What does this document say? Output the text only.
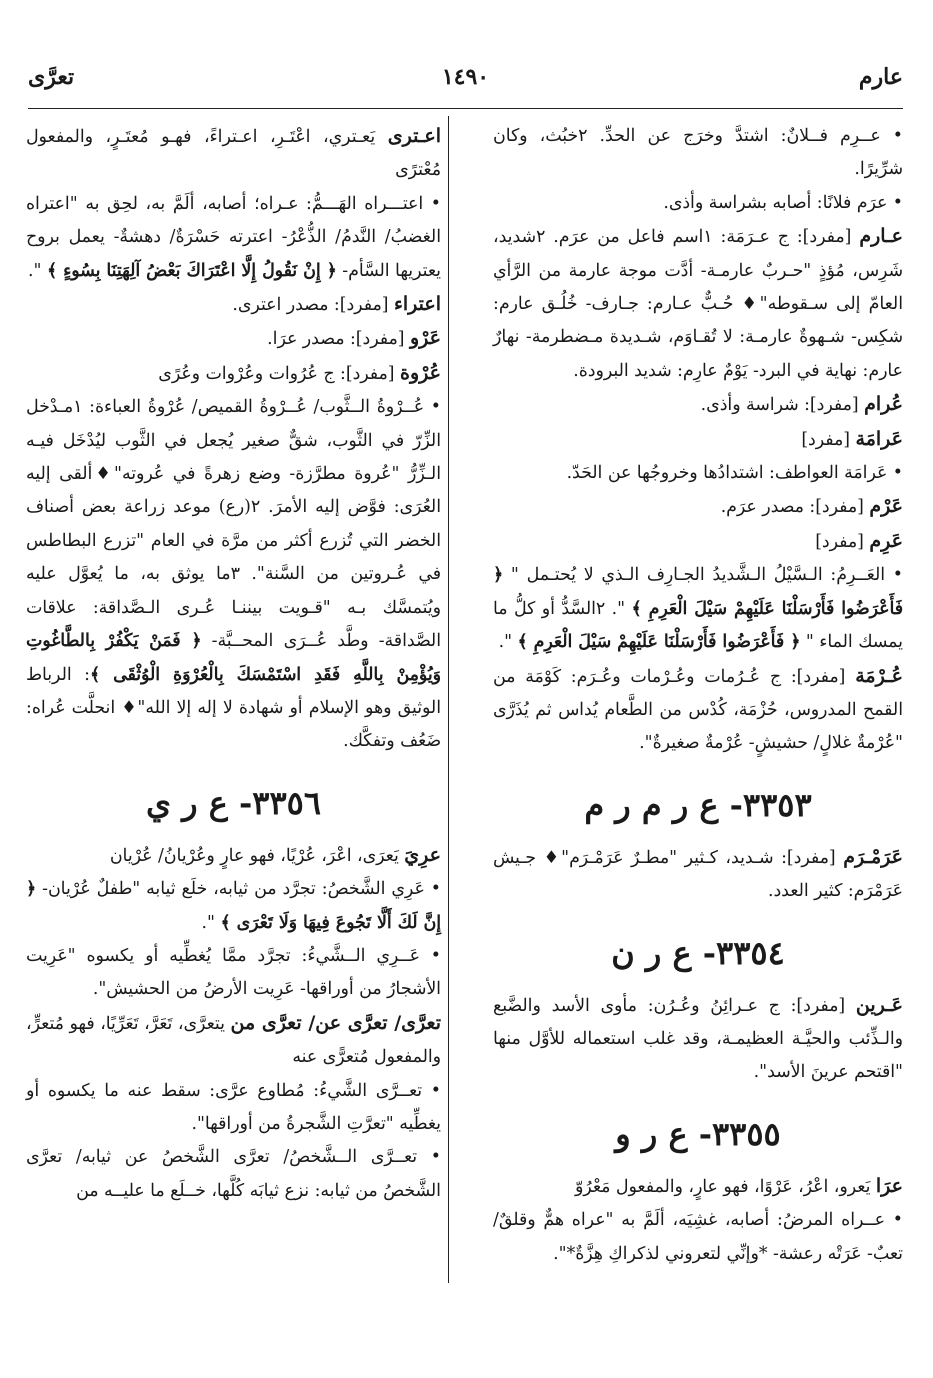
عارم
١٤٩٠
تعرَّى

• عــرِم فــلانٌ: اشتدَّ وخرَج عن الحدِّ. ٢خبُث، وكان شرِّيرًا.

• عرَم فلانًا: أصابه بشراسة وأذى.

عـارم [مفرد]: ج عـرَمَة: ١اسم فاعل من عرَم. ٢شديد، شَرِس، مُؤذٍ "حـربٌ عارمـة- أدَّت موجة عارمة من الرَّأي العامّ إلى سـقوطه"♦ حُـبٌّ عـارم: جـارف- خُلُـق عارم: شكِس- شـهوةٌ عارمـة: لا تُقـاوَم، شـديدة مـضطرمة- نهارٌ عارم: نهاية في البرد- يَوْمٌ عارِم: شديد البرودة.

عُرام [مفرد]: شراسة وأذى.

عَرامَة [مفرد]

• عَرامَة العواطف: اشتدادُها وخروجُها عن الحَدّ.

عَرْم [مفرد]: مصدر عرَم.

عَرِم [مفرد]

• العَــرِمُ: الـسَّيْلُ الـشَّديدُ الجـارِف الـذي لا يُحتـمل " ﴿ فَأَعْرَضُوا فَأَرْسَلْنَا عَلَيْهِمْ سَيْلَ الْعَرِمِ ﴾ ". ٢السَّدُّ أو كلُّ ما يمسك الماء " ﴿ فَأَعْرَضُوا فَأَرْسَلْنَا عَلَيْهِمْ سَيْلَ الْعَرِمِ ﴾ ".

عُـرْمَة [مفرد]: ج عُـرُمات وعُـرْمات وعُـرَم: كَوْمَة من القمح المدروس، حُزْمَة، كُدْس من الطَّعام يُداس ثم يُذَرَّى "عُرْمةٌ غلالٍ/ حشيشٍ- عُرْمةٌ صغيرةٌ".

٣٣٥٣- ع ر م ر م

عَرَمْـرَم [مفرد]: شـديد، كـثير "مطـرٌ عَرَمْـرَم"♦ جـيش عَرَمْرَم: كثير العدد.

٣٣٥٤- ع ر ن

عَـرين [مفرد]: ج عـرائِنُ وعُـرُن: مأوى الأسد والضَّبع والـذِّئب والحيَّـة العظيمـة، وقد غلب استعماله للأوَّل منها "اقتحم عرينَ الأسد".

٣٣٥٥- ع ر و

عرَا يَعرو، اعْرُ، عَرْوًا، فهو عارٍ، والمفعول مَعْرُوّ

• عــراه المرضُ: أصابه، غشِيَه، ألَمَّ به "عراه همٌّ وقلقٌ/ تعبٌ- عَرَتْه رعشة- *وإنِّي لتعروني لذكراكِ هِزَّةٌ*".

اعـترى يَعـتري، اعْتَـرِ، اعـتراءً، فهـو مُعتَـرٍ، والمفعول مُعْترًى

• اعتـــراه الهَـــمُّ: عـراه؛ أصابه، ألَمَّ به، لحِق به "اعتراه الغضبُ/ النَّدمُ/ الذُّعْرُ- اعترته حَسْرَةٌ/ دهشةٌ- يعمل بروح يعتريها السَّأم- ﴿ إِنْ نَقُولُ إِلَّا اعْتَرَاكَ بَعْضُ آلِهَتِنَا بِسُوءٍ ﴾ ".

اعتراء [مفرد]: مصدر اعترى.

عَرْو [مفرد]: مصدر عرَا.

عُرْوة [مفرد]: ج عُرُوات وعُرْوات وعُرًى

• عُــرْوةُ الــثَّوب/ عُــرْوةُ القميص/ عُرْوةُ العباءة: ١مـدْخل الزِّرّ في الثَّوب، شقٌّ صغير يُجعل في الثَّوب ليُدْخَل فيـه الـزِّرُّ "عُروة مطرَّزة- وضع زهرةً في عُروته"♦ألقى إليه العُرَى: فوَّض إليه الأمرَ. ٢(رع) موعد زراعة بعض أصناف الخضر التي تُزرع أكثر من مرَّة في العام "تزرع البطاطس في عُـروتين من السَّنة". ٣ما يوثق به، ما يُعوَّل عليه ويُتمسَّك بـه "قـويت بيننـا عُـرى الـصَّداقة: علاقات الصَّداقة- وطَّد عُــرَى المحــبَّة- ﴿ فَمَنْ يَكْفُرْ بِالطَّاغُوتِ وَيُؤْمِنْ بِاللَّهِ فَقَدِ اسْتَمْسَكَ بِالْعُرْوَةِ الْوُثْقَى ﴾: الرباط الوثيق وهو الإسلام أو شهادة لا إله إلا الله"♦ انحلَّت عُراه: ضَعُف وتفكَّك.

٣٣٥٦- ع ر ي

عرِيَ يَعرَى، اعْرَ، عُرْيًا، فهو عارٍ وعُرْيانُ/ عُرْيان

• عَرِي الشَّخصُ: تجرَّد من ثيابه، خلَع ثيابه "طفلٌ عُرْيان- ﴿ إِنَّ لَكَ أَلَّا تَجُوعَ فِيهَا وَلَا تَعْرَى ﴾ ".

• عَــرِي الــشَّيءُ: تجرَّد ممَّا يُغطِّيه أو يكسوه "عَرِيت الأشجارُ من أوراقها- عَرِيت الأرضُ من الحشيش".

تعرَّى/ تعرَّى عن/ تعرَّى من يتعرَّى، تَعَرَّ، تَعَرِّيًا، فهو مُتعرٍّ، والمفعول مُتعرًّى عنه

• تعــرَّى الشَّيءُ: مُطاوع عرَّى: سقط عنه ما يكسوه أو يغطِّيه "تعرَّتِ الشَّجرةُ من أوراقها".

• تعــرَّى الــشَّخصُ/ تعرَّى الشَّخصُ عن ثيابه/ تعرَّى الشَّخصُ من ثيابه: نزع ثيابَه كُلَّها، خــلَع ما عليــه من
